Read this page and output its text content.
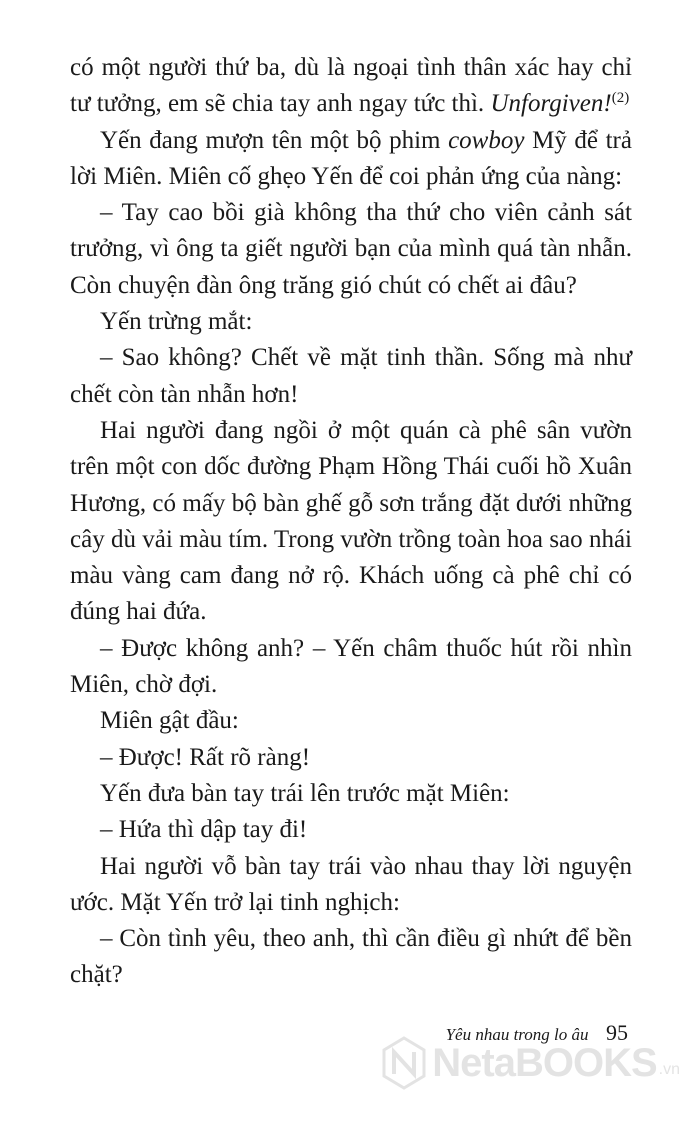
có một người thứ ba, dù là ngoại tình thân xác hay chỉ tư tưởng, em sẽ chia tay anh ngay tức thì. Unforgiven!$^{(2)}$

Yến đang mượn tên một bộ phim cowboy Mỹ để trả lời Miên. Miên cố ghẹo Yến để coi phản ứng của nàng:

– Tay cao bồi già không tha thứ cho viên cảnh sát trưởng, vì ông ta giết người bạn của mình quá tàn nhẫn. Còn chuyện đàn ông trăng gió chút có chết ai đâu?

Yến trừng mắt:

– Sao không? Chết về mặt tinh thần. Sống mà như chết còn tàn nhẫn hơn!

Hai người đang ngồi ở một quán cà phê sân vườn trên một con dốc đường Phạm Hồng Thái cuối hồ Xuân Hương, có mấy bộ bàn ghế gỗ sơn trắng đặt dưới những cây dù vải màu tím. Trong vườn trồng toàn hoa sao nhái màu vàng cam đang nở rộ. Khách uống cà phê chỉ có đúng hai đứa.

– Được không anh? – Yến châm thuốc hút rồi nhìn Miên, chờ đợi.

Miên gật đầu:

– Được! Rất rõ ràng!

Yến đưa bàn tay trái lên trước mặt Miên:

– Hứa thì dập tay đi!

Hai người vỗ bàn tay trái vào nhau thay lời nguyện ước. Mặt Yến trở lại tinh nghịch:

– Còn tình yêu, theo anh, thì cần điều gì nhứt để bền chặt?

Yêu nhau trong lo âu 95
NetaBOOKS .vn
